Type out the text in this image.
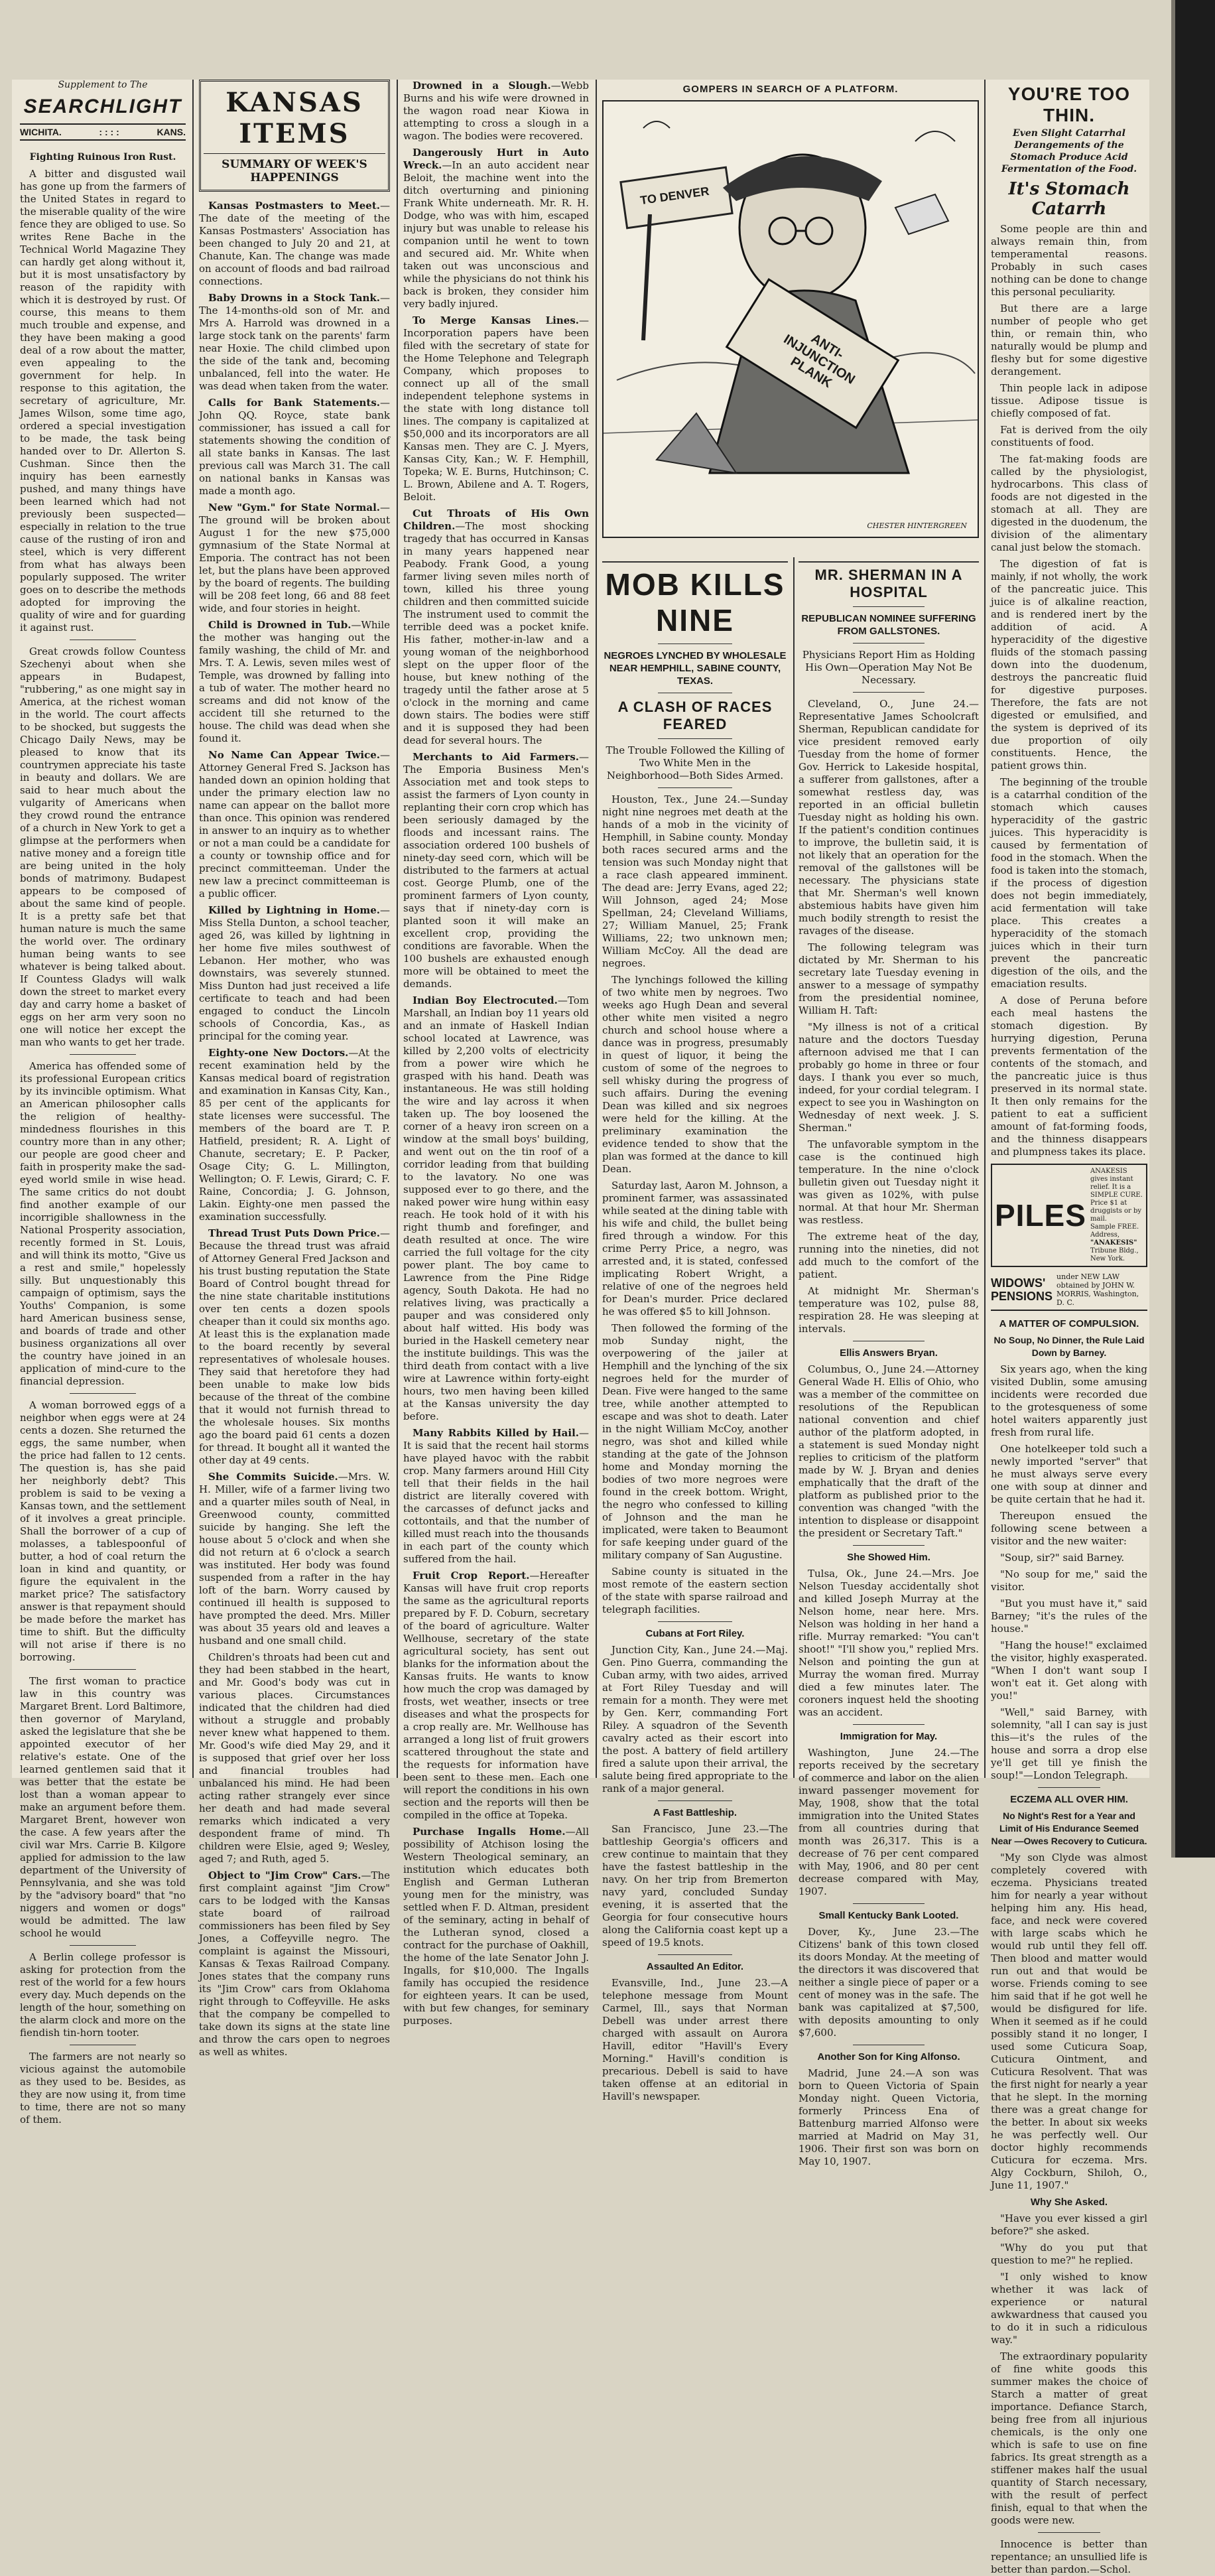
Supplement to The
SEARCHLIGHT
WICHITA.	: : : :	KANS.
Fighting Ruinous Iron Rust.

A bitter and disgusted wail has gone up from the farmers of the United States in regard to the miserable quality of the wire fence they are obliged to use. So writes Rene Bache in the Technical World Magazine They can hardly get along without it, but it is most unsatisfactory by reason of the rapidity with which it is destroyed by rust. Of course, this means to them much trouble and expense, and they have been making a good deal of a row about the matter, even appealing to the government for help. In response to this agitation, the secretary of agriculture, Mr. James Wilson, some time ago, ordered a special investigation to be made, the task being handed over to Dr. Allerton S. Cushman. Since then the inquiry has been earnestly pushed, and many things have been learned which had not previously been suspected—especially in relation to the true cause of the rusting of iron and steel, which is very different from what has always been popularly supposed. The writer goes on to describe the methods adopted for improving the quality of wire and for guarding it against rust.

Great crowds follow Countess Szechenyi about when she appears in Budapest, "rubbering," as one might say in America, at the richest woman in the world. The court affects to be shocked, but suggests the Chicago Daily News, may be pleased to know that its countrymen appreciate his taste in beauty and dollars. We are said to hear much about the vulgarity of Americans when they crowd round the entrance of a church in New York to get a glimpse at the performers when native money and a foreign title are being united in the holy bonds of matrimony. Budapest appears to be composed of about the same kind of people. It is a pretty safe bet that human nature is much the same the world over. The ordinary human being wants to see whatever is being talked about. If Countess Gladys will walk down the street to market every day and carry home a basket of eggs on her arm very soon no one will notice her except the man who wants to get her trade.

America has offended some of its professional European critics by its invincible optimism. What an American philosopher calls the religion of healthy-mindedness flourishes in this country more than in any other; our people are good cheer and faith in prosperity make the sad-eyed world smile in wise head. The same critics do not doubt find another example of our incorrigible shallowness in the National Prosperity association, recently formed in St. Louis, and will think its motto, "Give us a rest and smile," hopelessly silly. But unquestionably this campaign of optimism, says the Youths' Companion, is some hard American business sense, and boards of trade and other business organizations all over the country have joined in an application of mind-cure to the financial depression.

A woman borrowed eggs of a neighbor when eggs were at 24 cents a dozen. She returned the eggs, the same number, when the price had fallen to 12 cents. The question is, has she paid her neighborly debt? This problem is said to be vexing a Kansas town, and the settlement of it involves a great principle. Shall the borrower of a cup of molasses, a tablespoonful of butter, a hod of coal return the loan in kind and quantity, or figure the equivalent in the market price? The satisfactory answer is that repayment should be made before the market has time to shift. But the difficulty will not arise if there is no borrowing.

The first woman to practice law in this country was Margaret Brent. Lord Baltimore, then governor of Maryland, asked the legislature that she be appointed executor of her relative's estate. One of the learned gentlemen said that it was better that the estate be lost than a woman appear to make an argument before them. Margaret Brent, however won the case. A few years after the civil war Mrs. Carrie B. Kilgore applied for admission to the law department of the University of Pennsylvania, and she was told by the "advisory board" that "no niggers and women or dogs" would be admitted. The law school he would

A Berlin college professor is asking for protection from the rest of the world for a few hours every day. Much depends on the length of the hour, something on the alarm clock and more on the fiendish tin-horn tooter.

The farmers are not nearly so vicious against the automobile as they used to be. Besides, as they are now using it, from time to time, there are not so many of them.

KANSAS ITEMS
SUMMARY OF WEEK'S HAPPENINGS

Kansas Postmasters to Meet.—The date of the meeting of the Kansas Postmasters' Association has been changed to July 20 and 21, at Chanute, Kan. The change was made on account of floods and bad railroad connections.

Baby Drowns in a Stock Tank.—The 14-months-old son of Mr. and Mrs A. Harrold was drowned in a large stock tank on the parents' farm near Hoxie. The child climbed upon the side of the tank and, becoming unbalanced, fell into the water. He was dead when taken from the water.

Calls for Bank Statements.—John QQ. Royce, state bank commissioner, has issued a call for statements showing the condition of all state banks in Kansas. The last previous call was March 31. The call on national banks in Kansas was made a month ago.

New "Gym." for State Normal.—The ground will be broken about August 1 for the new $75,000 gymnasium of the State Normal at Emporia. The contract has not been let, but the plans have been approved by the board of regents. The building will be 208 feet long, 66 and 88 feet wide, and four stories in height.

Child is Drowned in Tub.—While the mother was hanging out the family washing, the child of Mr. and Mrs. T. A. Lewis, seven miles west of Temple, was drowned by falling into a tub of water. The mother heard no screams and did not know of the accident till she returned to the house. The child was dead when she found it.

No Name Can Appear Twice.—Attorney General Fred S. Jackson has handed down an opinion holding that under the primary election law no name can appear on the ballot more than once. This opinion was rendered in answer to an inquiry as to whether or not a man could be a candidate for a county or township office and for precinct committeeman. Under the new law a precinct committeeman is a public officer.

Killed by Lightning in Home.—Miss Stella Dunton, a school teacher, aged 26, was killed by lightning in her home five miles southwest of Lebanon. Her mother, who was downstairs, was severely stunned. Miss Dunton had just received a life certificate to teach and had been engaged to conduct the Lincoln schools of Concordia, Kas., as principal for the coming year.

Eighty-one New Doctors.—At the recent examination held by the Kansas medical board of registration and examination in Kansas City, Kan., 85 per cent of the applicants for state licenses were successful. The members of the board are T. P. Hatfield, president; R. A. Light of Chanute, secretary; E. P. Packer, Osage City; G. L. Millington, Wellington; O. F. Lewis, Girard; C. F. Raine, Concordia; J. G. Johnson, Lakin. Eighty-one men passed the examination successfully.

Thread Trust Puts Down Price.—Because the thread trust was afraid of Attorney General Fred Jackson and his trust busting reputation the State Board of Control bought thread for the nine state charitable institutions over ten cents a dozen spools cheaper than it could six months ago. At least this is the explanation made to the board recently by several representatives of wholesale houses. They said that heretofore they had been unable to make low bids because of the threat of the combine that it would not furnish thread to the wholesale houses. Six months ago the board paid 61 cents a dozen for thread. It bought all it wanted the other day at 49 cents.

She Commits Suicide.—Mrs. W. H. Miller, wife of a farmer living two and a quarter miles south of Neal, in Greenwood county, committed suicide by hanging. She left the house about 5 o'clock and when she did not return at 6 o'clock a search was instituted. Her body was found suspended from a rafter in the hay loft of the barn. Worry caused by continued ill health is supposed to have prompted the deed. Mrs. Miller was about 35 years old and leaves a husband and one small child.

Children's throats had been cut and they had been stabbed in the heart, and Mr. Good's body was cut in various places. Circumstances indicated that the children had died without a struggle and probably never knew what happened to them. Mr. Good's wife died May 29, and it is supposed that grief over her loss and financial troubles had unbalanced his mind. He had been acting rather strangely ever since her death and had made several remarks which indicated a very despondent frame of mind. Th children were Elsie, aged 9; Wesley, aged 7; and Ruth, aged 5.

Object to "Jim Crow" Cars.—The first complaint against "Jim Crow" cars to be lodged with the Kansas state board of railroad commissioners has been filed by Sey Jones, a Coffeyville negro. The complaint is against the Missouri, Kansas & Texas Railroad Company. Jones states that the company runs its "Jim Crow" cars from Oklahoma right through to Coffeyville. He asks that the company be compelled to take down its signs at the state line and throw the cars open to negroes as well as whites.

Drowned in a Slough.—Webb Burns and his wife were drowned in the wagon road near Kiowa in attempting to cross a slough in a wagon. The bodies were recovered.

Dangerously Hurt in Auto Wreck.—In an auto accident near Beloit, the machine went into the ditch overturning and pinioning Frank White underneath. Mr. R. H. Dodge, who was with him, escaped injury but was unable to release his companion until he went to town and secured aid. Mr. White when taken out was unconscious and while the physicians do not think his back is broken, they consider him very badly injured.

To Merge Kansas Lines.—Incorporation papers have been filed with the secretary of state for the Home Telephone and Telegraph Company, which proposes to connect up all of the small independent telephone systems in the state with long distance toll lines. The company is capitalized at $50,000 and its incorporators are all Kansas men. They are C. J. Myers, Kansas City, Kan.; W. F. Hemphill, Topeka; W. E. Burns, Hutchinson; C. L. Brown, Abilene and A. T. Rogers, Beloit.

Cut Throats of His Own Children.—The most shocking tragedy that has occurred in Kansas in many years happened near Peabody. Frank Good, a young farmer living seven miles north of town, killed his three young children and then committed suicide The instrument used to commit the terrible deed was a pocket knife. His father, mother-in-law and a young woman of the neighborhood slept on the upper floor of the house, but knew nothing of the tragedy until the father arose at 5 o'clock in the morning and came down stairs. The bodies were stiff and it is supposed they had been dead for several hours. The

Merchants to Aid Farmers.—The Emporia Business Men's Association met and took steps to assist the farmers of Lyon county in replanting their corn crop which has been seriously damaged by the floods and incessant rains. The association ordered 100 bushels of ninety-day seed corn, which will be distributed to the farmers at actual cost. George Plumb, one of the prominent farmers of Lyon county, says that if ninety-day corn is planted soon it will make an excellent crop, providing the conditions are favorable. When the 100 bushels are exhausted enough more will be obtained to meet the demands.

Indian Boy Electrocuted.—Tom Marshall, an Indian boy 11 years old and an inmate of Haskell Indian school located at Lawrence, was killed by 2,200 volts of electricity from a power wire which he grasped with his hand. Death was instantaneous. He was still holding the wire and lay across it when taken up. The boy loosened the corner of a heavy iron screen on a window at the small boys' building, and went out on the tin roof of a corridor leading from that building to the lavatory. No one was supposed ever to go there, and the naked power wire hung within easy reach. He took hold of it with his right thumb and forefinger, and death resulted at once. The wire carried the full voltage for the city power plant. The boy came to Lawrence from the Pine Ridge agency, South Dakota. He had no relatives living, was practically a pauper and was considered only about half witted. His body was buried in the Haskell cemetery near the institute buildings. This was the third death from contact with a live wire at Lawrence within forty-eight hours, two men having been killed at the Kansas university the day before.

Many Rabbits Killed by Hail.—It is said that the recent hail storms have played havoc with the rabbit crop. Many farmers around Hill City tell that their fields in the hail district are literally covered with the carcasses of defunct jacks and cottontails, and that the number of killed must reach into the thousands in each part of the county which suffered from the hail.

Fruit Crop Report.—Hereafter Kansas will have fruit crop reports the same as the agricultural reports prepared by F. D. Coburn, secretary of the board of agriculture. Walter Wellhouse, secretary of the state agricultural society, has sent out blanks for the information about the Kansas fruits. He wants to know how much the crop was damaged by frosts, wet weather, insects or tree diseases and what the prospects for a crop really are. Mr. Wellhouse has arranged a long list of fruit growers scattered throughout the state and the requests for information have been sent to these men. Each one will report the conditions in his own section and the reports will then be compiled in the office at Topeka.

Purchase Ingalls Home.—All possibility of Atchison losing the Western Theological seminary, an institution which educates both English and German Lutheran young men for the ministry, was settled when F. D. Altman, president of the seminary, acting in behalf of the Lutheran synod, closed a contract for the purchase of Oakhill, the home of the late Senator John J. Ingalls, for $10,000. The Ingalls family has occupied the residence for eighteen years. It can be used, with but few changes, for seminary purposes.

GOMPERS IN SEARCH OF A PLATFORM.
TO DENVER
ANTI-INJUNCTION PLANK
CHESTER HINTERGREEN
MOB KILLS NINE
NEGROES LYNCHED BY WHOLESALE NEAR HEMPHILL, SABINE COUNTY, TEXAS.
A CLASH OF RACES FEARED
The Trouble Followed the Killing of Two White Men in the Neighborhood—Both Sides Armed.

Houston, Tex., June 24.—Sunday night nine negroes met death at the hands of a mob in the vicinity of Hemphill, in Sabine county. Monday both races secured arms and the tension was such Monday night that a race clash appeared imminent. The dead are: Jerry Evans, aged 22; Will Johnson, aged 24; Mose Spellman, 24; Cleveland Williams, 27; William Manuel, 25; Frank Williams, 22; two unknown men; William McCoy. All the dead are negroes.

The lynchings followed the killing of two white men by negroes. Two weeks ago Hugh Dean and several other white men visited a negro church and school house where a dance was in progress, presumably in quest of liquor, it being the custom of some of the negroes to sell whisky during the progress of such affairs. During the evening Dean was killed and six negroes were held for the killing. At the preliminary examination the evidence tended to show that the plan was formed at the dance to kill Dean.

Saturday last, Aaron M. Johnson, a prominent farmer, was assassinated while seated at the dining table with his wife and child, the bullet being fired through a window. For this crime Perry Price, a negro, was arrested and, it is stated, confessed implicating Robert Wright, a relative of one of the negroes held for Dean's murder. Price declared he was offered $5 to kill Johnson.

Then followed the forming of the mob Sunday night, the overpowering of the jailer at Hemphill and the lynching of the six negroes held for the murder of Dean. Five were hanged to the same tree, while another attempted to escape and was shot to death. Later in the night William McCoy, another negro, was shot and killed while standing at the gate of the Johnson home and Monday morning the bodies of two more negroes were found in the creek bottom. Wright, the negro who confessed to killing of Johnson and the man he implicated, were taken to Beaumont for safe keeping under guard of the military company of San Augustine.

Sabine county is situated in the most remote of the eastern section of the state with sparse railroad and telegraph facilities.

Cubans at Fort Riley.

Junction City, Kan., June 24.—Maj. Gen. Pino Guerra, commanding the Cuban army, with two aides, arrived at Fort Riley Tuesday and will remain for a month. They were met by Gen. Kerr, commanding Fort Riley. A squadron of the Seventh cavalry acted as their escort into the post. A battery of field artillery fired a salute upon their arrival, the salute being fired appropriate to the rank of a major general.

A Fast Battleship.

San Francisco, June 23.—The battleship Georgia's officers and crew continue to maintain that they have the fastest battleship in the navy. On her trip from Bremerton navy yard, concluded Sunday evening, it is asserted that the Georgia for four consecutive hours along the California coast kept up a speed of 19.5 knots.

Assaulted An Editor.

Evansville, Ind., June 23.—A telephone message from Mount Carmel, Ill., says that Norman Debell was under arrest there charged with assault on Aurora Havill, editor "Havill's Every Morning." Havill's condition is precarious. Debell is said to have taken offense at an editorial in Havill's newspaper.

MR. SHERMAN IN A HOSPITAL
REPUBLICAN NOMINEE SUFFERING FROM GALLSTONES.
Physicians Report Him as Holding His Own—Operation May Not Be Necessary.

Cleveland, O., June 24.—Representative James Schoolcraft Sherman, Republican candidate for vice president removed early Tuesday from the home of former Gov. Herrick to Lakeside hospital, a sufferer from gallstones, after a somewhat restless day, was reported in an official bulletin Tuesday night as holding his own. If the patient's condition continues to improve, the bulletin said, it is not likely that an operation for the removal of the gallstones will be necessary. The physicians state that Mr. Sherman's well known abstemious habits have given him much bodily strength to resist the ravages of the disease.

The following telegram was dictated by Mr. Sherman to his secretary late Tuesday evening in answer to a message of sympathy from the presidential nominee, William H. Taft:

"My illness is not of a critical nature and the doctors Tuesday afternoon advised me that I can probably go home in three or four days. I thank you ever so much, indeed, for your cordial telegram. I expect to see you in Washington on Wednesday of next week. J. S. Sherman."

The unfavorable symptom in the case is the continued high temperature. In the nine o'clock bulletin given out Tuesday night it was given as 102%, with pulse normal. At that hour Mr. Sherman was restless.

The extreme heat of the day, running into the nineties, did not add much to the comfort of the patient.

At midnight Mr. Sherman's temperature was 102, pulse 88, respiration 28. He was sleeping at intervals.

Ellis Answers Bryan.

Columbus, O., June 24.—Attorney General Wade H. Ellis of Ohio, who was a member of the committee on resolutions of the Republican national convention and chief author of the platform adopted, in a statement is sued Monday night replies to criticism of the platform made by W. J. Bryan and denies emphatically that the draft of the platform as published prior to the convention was changed "with the intention to displease or disappoint the president or Secretary Taft."

She Showed Him.

Tulsa, Ok., June 24.—Mrs. Joe Nelson Tuesday accidentally shot and killed Joseph Murray at the Nelson home, near here. Mrs. Nelson was holding in her hand a rifle. Murray remarked: "You can't shoot!" "I'll show you," replied Mrs. Nelson and pointing the gun at Murray the woman fired. Murray died a few minutes later. The coroners inquest held the shooting was an accident.

Immigration for May.

Washington, June 24.—The reports received by the secretary of commerce and labor on the alien inward passenger movement for May, 1908, show that the total immigration into the United States from all countries during that month was 26,317. This is a decrease of 76 per cent compared with May, 1906, and 80 per cent decrease compared with May, 1907.

Small Kentucky Bank Looted.

Dover, Ky., June 23.—The Citizens' bank of this town closed its doors Monday. At the meeting of the directors it was discovered that neither a single piece of paper or a cent of money was in the safe. The bank was capitalized at $7,500, with deposits amounting to only $7,600.

Another Son for King Alfonso.

Madrid, June 24.—A son was born to Queen Victoria of Spain Monday night. Queen Victoria, formerly Princess Ena of Battenburg married Alfonso were married at Madrid on May 31, 1906. Their first son was born on May 10, 1907.

YOU'RE TOO THIN.
Even Slight Catarrhal Derangements of the Stomach Produce Acid Fermentation of the Food.
It's Stomach Catarrh

Some people are thin and always remain thin, from temperamental reasons. Probably in such cases nothing can be done to change this personal peculiarity.

But there are a large number of people who get thin, or remain thin, who naturally would be plump and fleshy but for some digestive derangement.

Thin people lack in adipose tissue. Adipose tissue is chiefly composed of fat.

Fat is derived from the oily constituents of food.

The fat-making foods are called by the physiologist, hydrocarbons. This class of foods are not digested in the stomach at all. They are digested in the duodenum, the division of the alimentary canal just below the stomach.

The digestion of fat is mainly, if not wholly, the work of the pancreatic juice. This juice is of alkaline reaction, and is rendered inert by the addition of acid. A hyperacidity of the digestive fluids of the stomach passing down into the duodenum, destroys the pancreatic fluid for digestive purposes. Therefore, the fats are not digested or emulsified, and the system is deprived of its due proportion of oily constituents. Hence, the patient grows thin.

The beginning of the trouble is a catarrhal condition of the stomach which causes hyperacidity of the gastric juices. This hyperacidity is caused by fermentation of food in the stomach. When the food is taken into the stomach, if the process of digestion does not begin immediately, acid fermentation will take place. This creates a hyperacidity of the stomach juices which in their turn prevent the pancreatic digestion of the oils, and the emaciation results.

A dose of Peruna before each meal hastens the stomach digestion. By hurrying digestion, Peruna prevents fermentation of the contents of the stomach, and the pancreatic juice is thus preserved in its normal state. It then only remains for the patient to eat a sufficient amount of fat-forming foods, and the thinness disappears and plumpness takes its place.

PILES
ANAKESIS gives instant relief. It is a SIMPLE CURE.
Price $1 at druggists or by mail.
Sample FREE. Address,
"ANAKESIS"
Tribune Bldg., New York.
WIDOWS'
PENSIONS
under NEW LAW obtained by JOHN W. MORRIS, Washington, D. C.
A MATTER OF COMPULSION.
No Soup, No Dinner, the Rule Laid Down by Barney.

Six years ago, when the king visited Dublin, some amusing incidents were recorded due to the grotesqueness of some hotel waiters apparently just fresh from rural life.

One hotelkeeper told such a newly imported "server" that he must always serve every one with soup at dinner and be quite certain that he had it.

Thereupon ensued the following scene between a visitor and the new waiter:

"Soup, sir?" said Barney.

"No soup for me," said the visitor.

"But you must have it," said Barney; "it's the rules of the house."

"Hang the house!" exclaimed the visitor, highly exasperated. "When I don't want soup I won't eat it. Get along with you!"

"Well," said Barney, with solemnity, "all I can say is just this—it's the rules of the house and sorra a drop else ye'll get till ye finish the soup!"—London Telegraph.

ECZEMA ALL OVER HIM.
No Night's Rest for a Year and Limit of His Endurance Seemed Near —Owes Recovery to Cuticura.

"My son Clyde was almost completely covered with eczema. Physicians treated him for nearly a year without helping him any. His head, face, and neck were covered with large scabs which he would rub until they fell off. Then blood and matter would run out and that would be worse. Friends coming to see him said that if he got well he would be disfigured for life. When it seemed as if he could possibly stand it no longer, I used some Cuticura Soap, Cuticura Ointment, and Cuticura Resolvent. That was the first night for nearly a year that he slept. In the morning there was a great change for the better. In about six weeks he was perfectly well. Our doctor highly recommends Cuticura for eczema. Mrs. Algy Cockburn, Shiloh, O., June 11, 1907."

Why She Asked.

"Have you ever kissed a girl before?" she asked.

"Why do you put that question to me?" he replied.

"I only wished to know whether it was lack of experience or natural awkwardness that caused you to do it in such a ridiculous way."

The extraordinary popularity of fine white goods this summer makes the choice of Starch a matter of great importance. Defiance Starch, being free from all injurious chemicals, is the only one which is safe to use on fine fabrics. Its great strength as a stiffener makes half the usual quantity of Starch necessary, with the result of perfect finish, equal to that when the goods were new.

Innocence is better than repentance; an unsullied life is better than pardon.—Schol.
